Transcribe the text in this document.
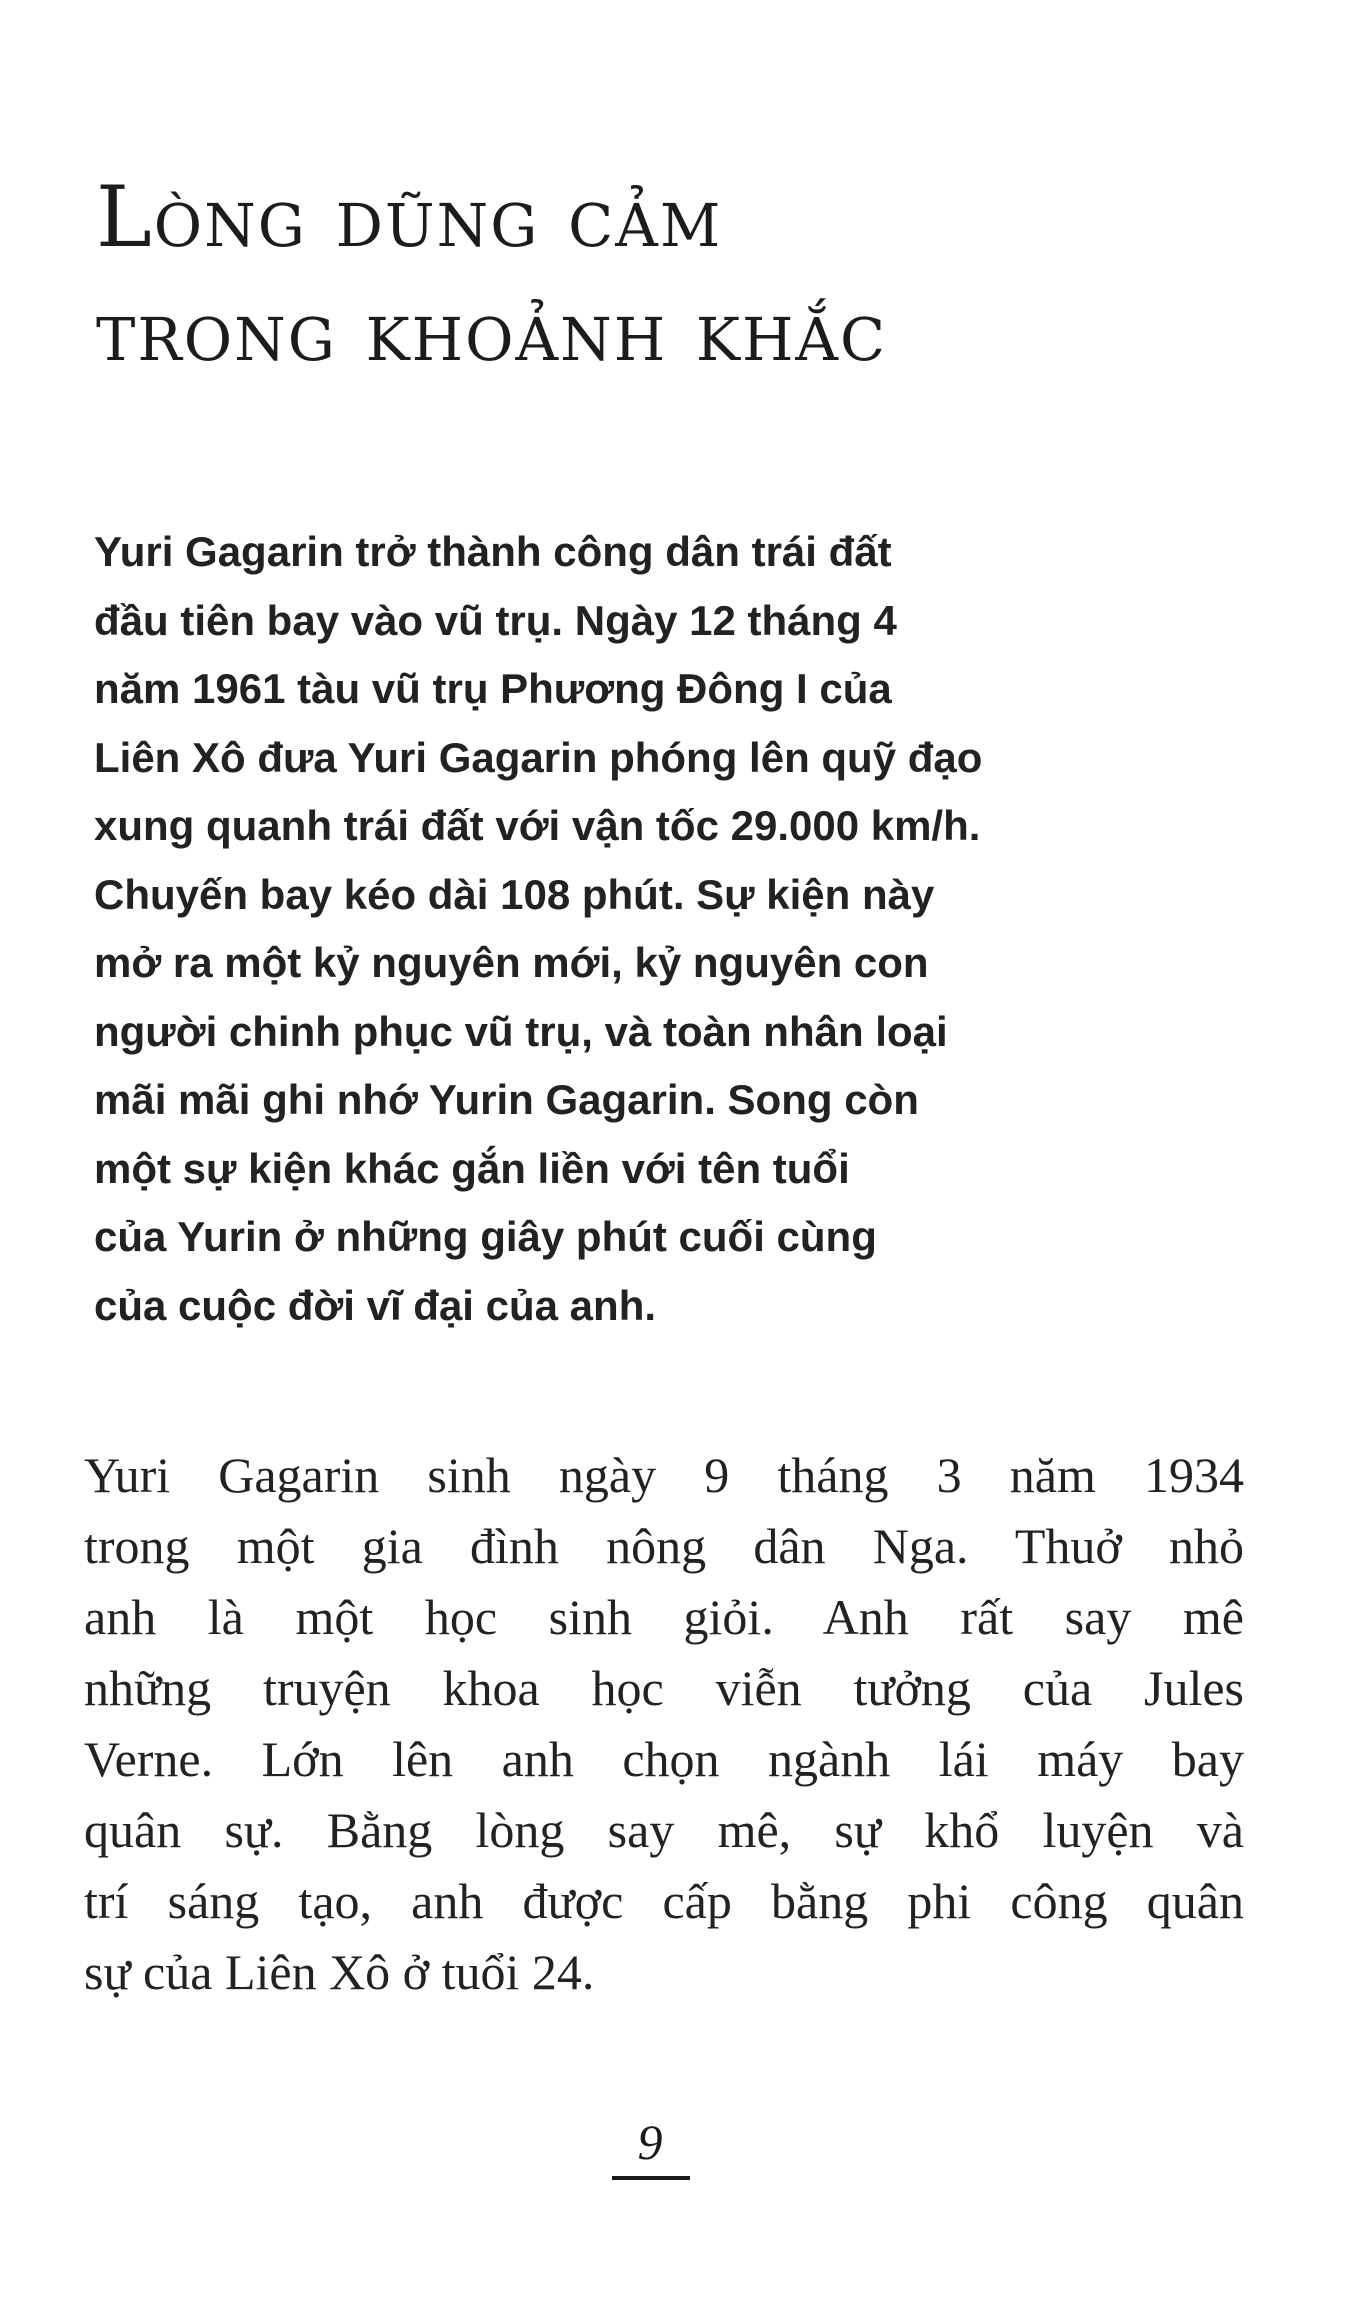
Lòng dũng cảm
trong khoảnh khắc

Yuri Gagarin trở thành công dân trái đất
đầu tiên bay vào vũ trụ. Ngày 12 tháng 4
năm 1961 tàu vũ trụ Phương Đông I của
Liên Xô đưa Yuri Gagarin phóng lên quỹ đạo
xung quanh trái đất với vận tốc 29.000 km/h.
Chuyến bay kéo dài 108 phút. Sự kiện này
mở ra một kỷ nguyên mới, kỷ nguyên con
người chinh phục vũ trụ, và toàn nhân loại
mãi mãi ghi nhớ Yurin Gagarin. Song còn
một sự kiện khác gắn liền với tên tuổi
của Yurin ở những giây phút cuối cùng
của cuộc đời vĩ đại của anh.

Yuri Gagarin sinh ngày 9 tháng 3 năm 1934
trong một gia đình nông dân Nga. Thuở nhỏ
anh là một học sinh giỏi. Anh rất say mê
những truyện khoa học viễn tưởng của Jules
Verne. Lớn lên anh chọn ngành lái máy bay
quân sự. Bằng lòng say mê, sự khổ luyện và
trí sáng tạo, anh được cấp bằng phi công quân
sự của Liên Xô ở tuổi 24.

9
